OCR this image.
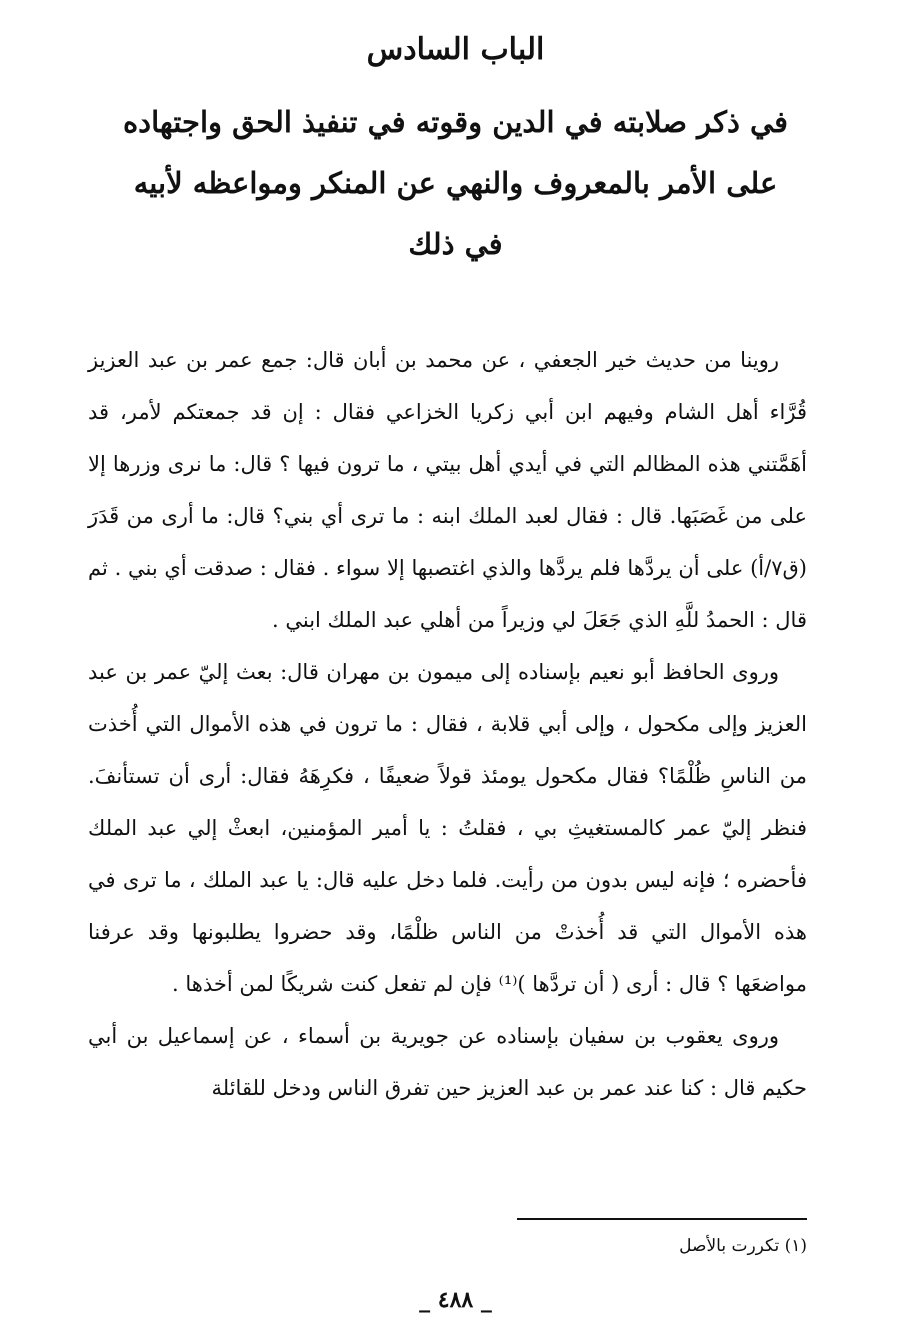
الباب السادس
في ذكر صلابته في الدين وقوته في تنفيذ الحق واجتهاده على الأمر بالمعروف والنهي عن المنكر ومواعظه لأبيه في ذلك

روينا من حديث خير الجعفي ، عن محمد بن أبان قال: جمع عمر بن عبد العزيز قُرَّاء أهل الشام وفيهم ابن أبي زكريا الخزاعي فقال : إن قد جمعتكم لأمر، قد أهَمَّتني هذه المظالم التي في أيدي أهل بيتي ، ما ترون فيها ؟ قال: ما نرى وزرها إلا على من غَصَبَها. قال : فقال لعبد الملك ابنه : ما ترى أي بني؟ قال: ما أرى من قَدَرَ (ق٧/أ) على أن يردَّها فلم يردَّها والذي اغتصبها إلا سواء . فقال : صدقت أي بني . ثم قال : الحمدُ للَّهِ الذي جَعَلَ لي وزيراً من أهلي عبد الملك ابني .

وروى الحافظ أبو نعيم بإسناده إلى ميمون بن مهران قال: بعث إليّ عمر بن عبد العزيز وإلى مكحول ، وإلى أبي قلابة ، فقال : ما ترون في هذه الأموال التي أُخذت من الناسِ ظُلْمًا؟ فقال مكحول يومئذ قولاً ضعيفًا ، فكرِهَهُ فقال: أرى أن تستأنفَ. فنظر إليّ عمر كالمستغيثِ بي ، فقلتُ : يا أمير المؤمنين، ابعثْ إلي عبد الملك فأحضره ؛ فإنه ليس بدون من رأيت. فلما دخل عليه قال: يا عبد الملك ، ما ترى في هذه الأموال التي قد أُخذتْ من الناس ظلْمًا، وقد حضروا يطلبونها وقد عرفنا مواضعَها ؟ قال : أرى ( أن تردَّها )⁽¹⁾ فإن لم تفعل كنت شريكًا لمن أخذها .

وروى يعقوب بن سفيان بإسناده عن جويرية بن أسماء ، عن إسماعيل بن أبي حكيم قال : كنا عند عمر بن عبد العزيز حين تفرق الناس ودخل للقائلة

(١) تكررت بالأصل

_ ٤٨٨ _
